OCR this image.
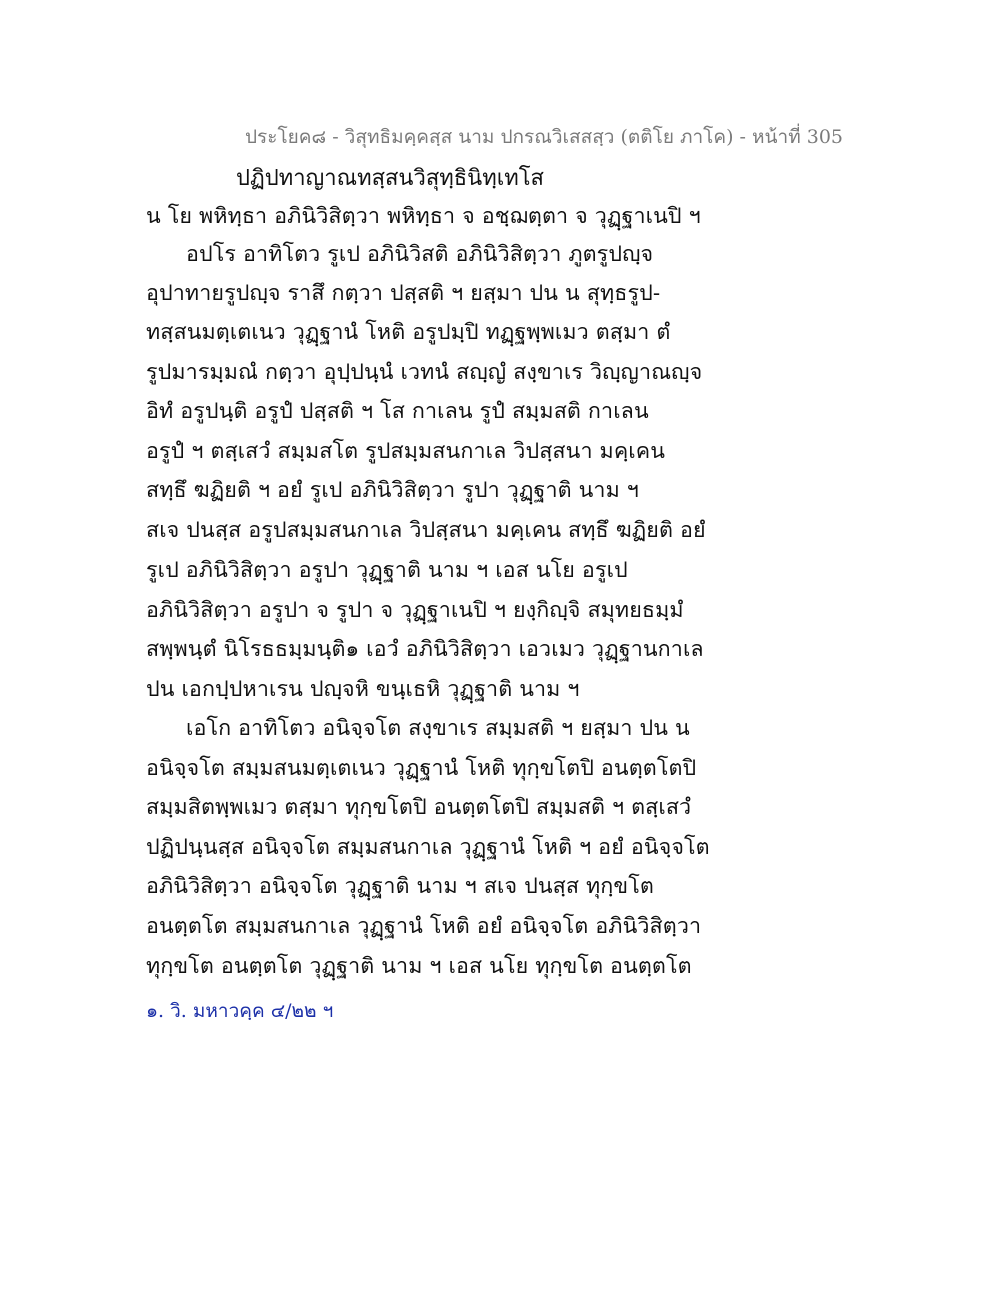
ประโยค๘ - วิสุทธิมคฺคสฺส นาม ปกรณวิเสสสฺว (ตติโย ภาโค) - หน้าที่ 305
ปฏิปทาญาณทสฺสนวิสุทฺธินิทฺเทโส
น โย พหิทฺธา อภินิวิสิตฺวา พหิทฺธา จ อชฺฌตฺตา จ วุฏฺฐาเนปิ ฯ
อปโร อาทิโตว รูเป อภินิวิสติ อภินิวิสิตฺวา ภูตรูปญฺจ
อุปาทายรูปญฺจ ราสึ กตฺวา ปสฺสติ ฯ ยสฺมา ปน น สุทฺธรูป-
ทสฺสนมตฺเตเนว วุฏฺฐานํ โหติ อรูปมฺปิ ทฏฺฐพฺพเมว ตสฺมา ตํ
รูปมารมฺมณํ กตฺวา อุปฺปนฺนํ เวทนํ สญฺญํ สงฺขาเร วิญฺญาณญฺจ
อิทํ อรูปนฺติ อรูปํ ปสฺสติ ฯ โส กาเลน รูปํ สมฺมสติ กาเลน
อรูปํ ฯ ตสฺเสวํ สมฺมสโต รูปสมฺมสนกาเล วิปสฺสนา มคฺเคน
สทฺธึ ฆฏิยติ ฯ อยํ รูเป อภินิวิสิตฺวา รูปา วุฏฺฐาติ นาม ฯ
สเจ ปนสฺส อรูปสมฺมสนกาเล วิปสฺสนา มคฺเคน สทฺธึ ฆฏิยติ อยํ
รูเป อภินิวิสิตฺวา อรูปา วุฏฺฐาติ นาม ฯ เอส นโย อรูเป
อภินิวิสิตฺวา อรูปา จ รูปา จ วุฏฺฐาเนปิ ฯ ยงฺกิญฺจิ สมุทยธมฺมํ
สพฺพนฺตํ นิโรธธมฺมนฺติ๑ เอวํ อภินิวิสิตฺวา เอวเมว วุฏฺฐานกาเล
ปน เอกปฺปหาเรน ปญฺจหิ ขนฺเธหิ วุฏฺฐาติ นาม ฯ
เอโก อาทิโตว อนิจฺจโต สงฺขาเร สมฺมสติ ฯ ยสฺมา ปน น
อนิจฺจโต สมฺมสนมตฺเตเนว วุฏฺฐานํ โหติ ทุกฺขโตปิ อนตฺตโตปิ
สมฺมสิตพฺพเมว ตสฺมา ทุกฺขโตปิ อนตฺตโตปิ สมฺมสติ ฯ ตสฺเสวํ
ปฏิปนฺนสฺส อนิจฺจโต สมฺมสนกาเล วุฏฺฐานํ โหติ ฯ อยํ อนิจฺจโต
อภินิวิสิตฺวา อนิจฺจโต วุฏฺฐาติ นาม ฯ สเจ ปนสฺส ทุกฺขโต
อนตฺตโต สมฺมสนกาเล วุฏฺฐานํ โหติ อยํ อนิจฺจโต อภินิวิสิตฺวา
ทุกฺขโต อนตฺตโต วุฏฺฐาติ นาม ฯ เอส นโย ทุกฺขโต อนตฺตโต
๑. วิ. มหาวคฺค ๔/๒๒ ฯ
